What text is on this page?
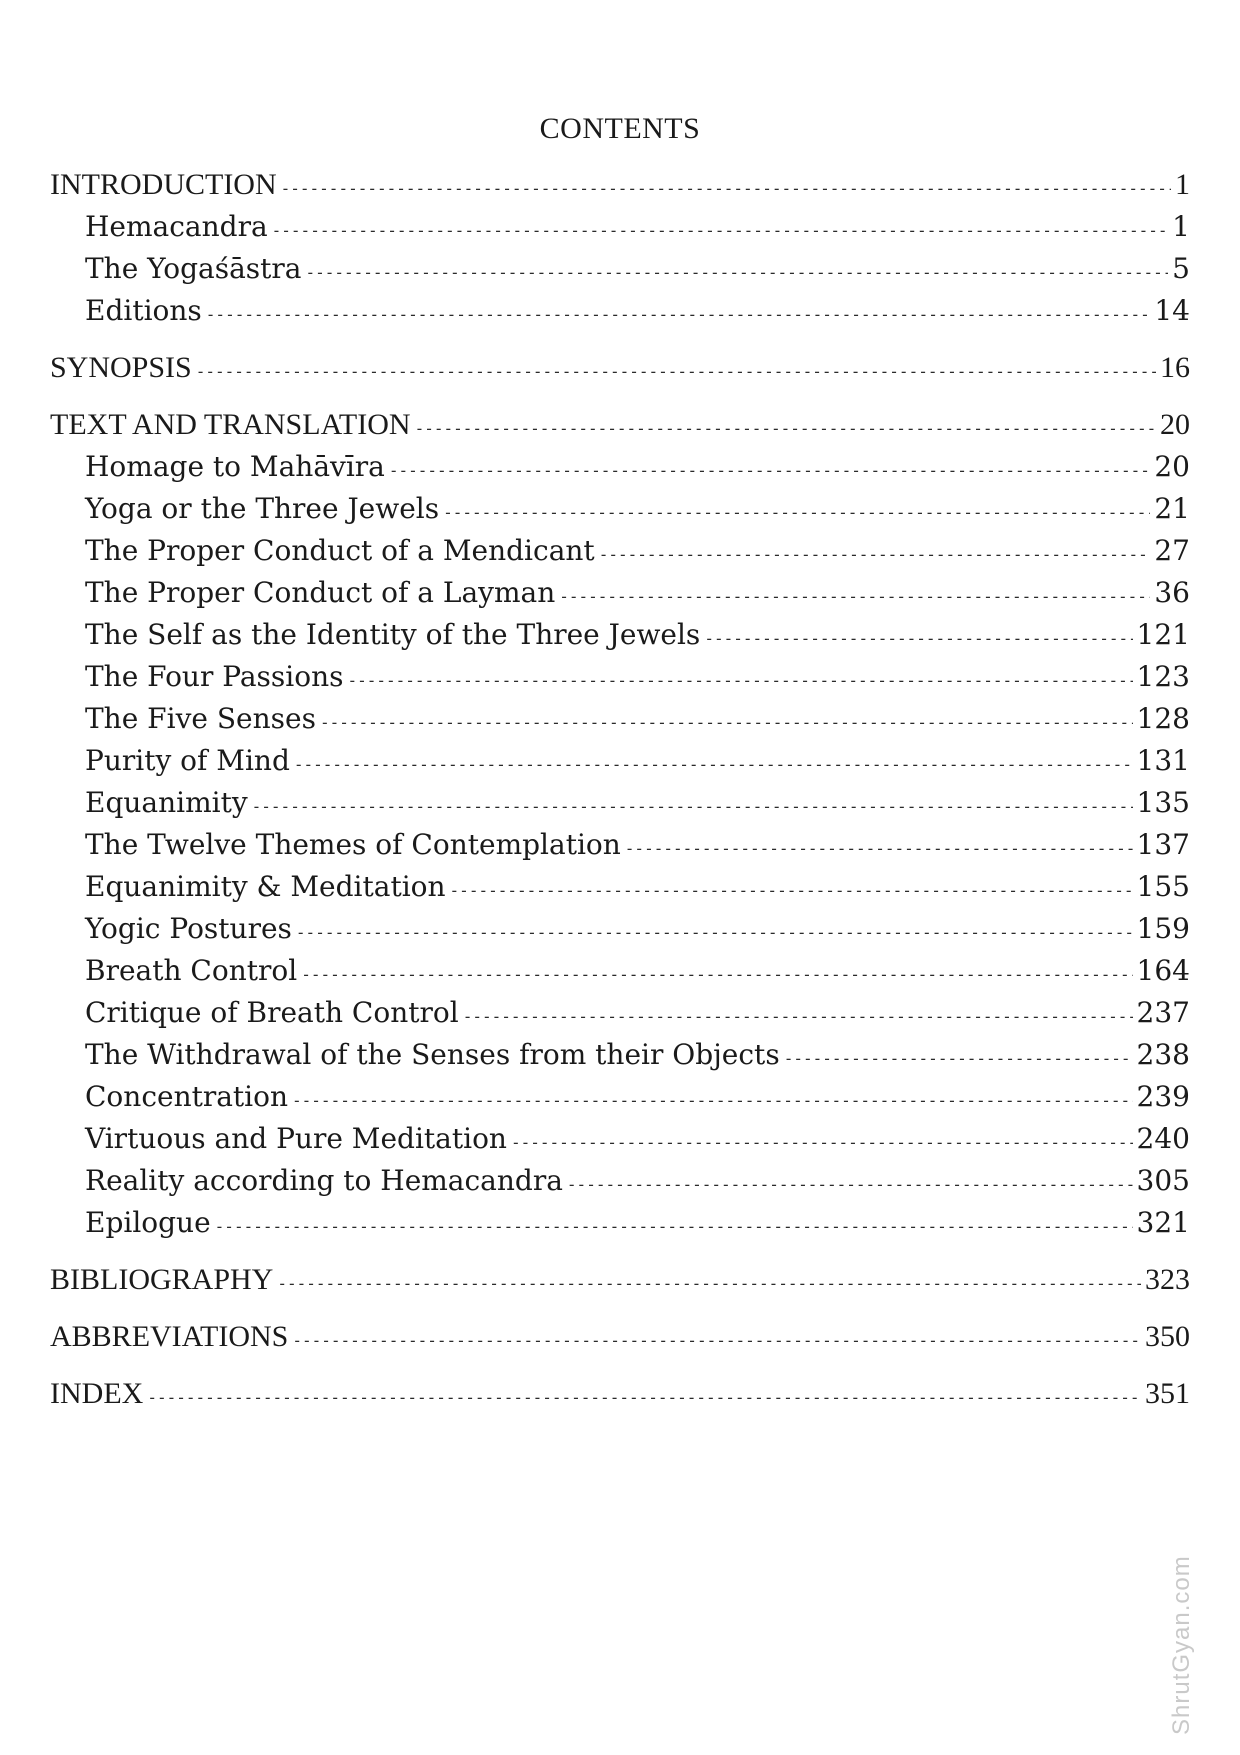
CONTENTS
INTRODUCTION -----	1
Hemacandra -----	1
The Yogaśāstra -----	5
Editions -----	14
SYNOPSIS -----	16
TEXT AND TRANSLATION -----	20
Homage to Mahāvīra -----	20
Yoga or the Three Jewels -----	21
The Proper Conduct of a Mendicant -----	27
The Proper Conduct of a Layman -----	36
The Self as the Identity of the Three Jewels -----	121
The Four Passions -----	123
The Five Senses -----	128
Purity of Mind -----	131
Equanimity -----	135
The Twelve Themes of Contemplation -----	137
Equanimity & Meditation -----	155
Yogic Postures -----	159
Breath Control -----	164
Critique of Breath Control -----	237
The Withdrawal of the Senses from their Objects -----	238
Concentration -----	239
Virtuous and Pure Meditation -----	240
Reality according to Hemacandra -----	305
Epilogue -----	321
BIBLIOGRAPHY -----	323
ABBREVIATIONS -----	350
INDEX -----	351
ShrutGyan.com
